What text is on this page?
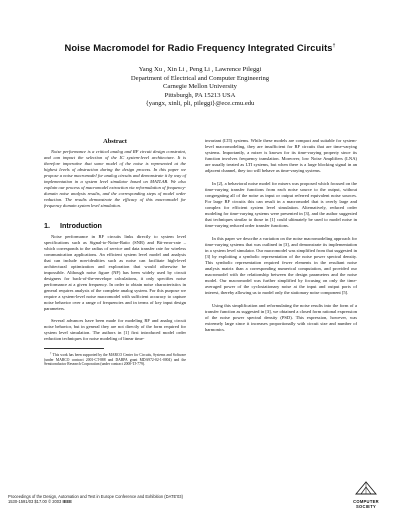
Noise Macromodel for Radio Frequency Integrated Circuits†
Yang Xu , Xin Li , Peng Li , Lawrence Pileggi
Department of Electrical and Computer Engineering
Carnegie Mellon University
Pittsburgh, PA 15213 USA
{yangx, xinli, pli, pileggi}@ece.cmu.edu
Abstract
Noise performance is a critical analog and RF circuit design constraint, and can impact the selection of the IC system-level architecture. It is therefore imperative that some model of the noise is represented at the highest levels of abstraction during the design process. In this paper we propose a noise macromodel for analog circuits and demonstrate it by way of implementation in a system level simulator based on MATLAB. We also explain our process of macromodel extraction via reformulation of frequency-domain noise analysis results, and the corresponding steps of model order reduction. The results demonstrate the efficacy of this macromodel for frequency domain system level simulation.
1. Introduction

Noise performance in RF circuits links directly to system level specifications such as Signal-to-Noise-Ratio (SNR) and Bit-error-rate – which corresponds to the radius of service and data transfer rate for wireless communication applications. An efficient system level model and analysis that can include non-idealities such as noise can facilitate high-level architectural optimization and exploration that would otherwise be impossible. Although noise figure (NF) has been widely used by circuit designers for back-of-the-envelope calculations, it only specifies noise performance at a given frequency. In order to obtain noise characteristics in general requires analysis of the complete analog system. For this purpose we require a system-level noise macromodel with sufficient accuracy to capture noise behavior over a range of frequencies and in terms of key input design parameters.

Several advances have been made for modeling RF and analog circuit noise behavior, but in general they are not directly of the form required for system level simulation. The authors in [1] first introduced model order reduction techniques for noise modeling of linear time-

† This work has been supported by the MARCO Center for Circuits, Systems and Software (under MARCO contract 2001-CT-888 and DARPA grant MDA972-02-1-0004) and the Semiconductor Research Corporation (under contract 2000-TJ-779).

invariant (LTI) systems. While these models are compact and suitable for system-level macromodeling, they are insufficient for RF circuits that are time-varying systems. Importantly, a mixer is known for its time-varying property since its function involves frequency translation. Moreover, low Noise Amplifiers (LNA) are usually treated as LTI systems, but when there is a large blocking signal in an adjacent channel, they too will behave as time-varying systems.

In [2], a behavioral noise model for mixers was proposed which focused on the time-varying transfer functions from each noise source to the output, without congregating all of the noise as input or output referred equivalent noise sources. For large RF circuits this can result in a macromodel that is overly large and complex for efficient system level simulation. Alternatively, reduced order modeling for time-varying systems were presented in [3], and the author suggested that techniques similar to those in [1] could ultimately be used to model noise in time-varying reduced order transfer functions.

In this paper we describe a variation on the noise macromodeling approach for time-varying systems that was outlined in [3], and demonstrate its implementation in a system level simulator. Our macromodel was simplified from that suggested in [3] by exploiting a symbolic representation of the noise power spectral density. This symbolic representation required fewer elements in the resultant noise analysis matrix than a corresponding numerical computation, and provided our macromodel with the relationship between the design parameters and the noise model. Our macromodel was further simplified by focusing on only the time-averaged power of the cyclostationary noise at the input and output ports of interest, thereby allowing us to model only the stationary noise component [5].

Using this simplification and reformulating the noise results into the form of a transfer function as suggested in [3], we obtained a closed form rational expression of the noise power spectral density (PSD). This expression, however, was extremely large since it increases proportionally with circuit size and number of harmonics.

Proceedings of the Design, Automation and Test in Europe Conference and Exhibition (DATE'03)
1530-1591/03 $17.00 © 2003 IEEE	COMPUTER
SOCIETY
